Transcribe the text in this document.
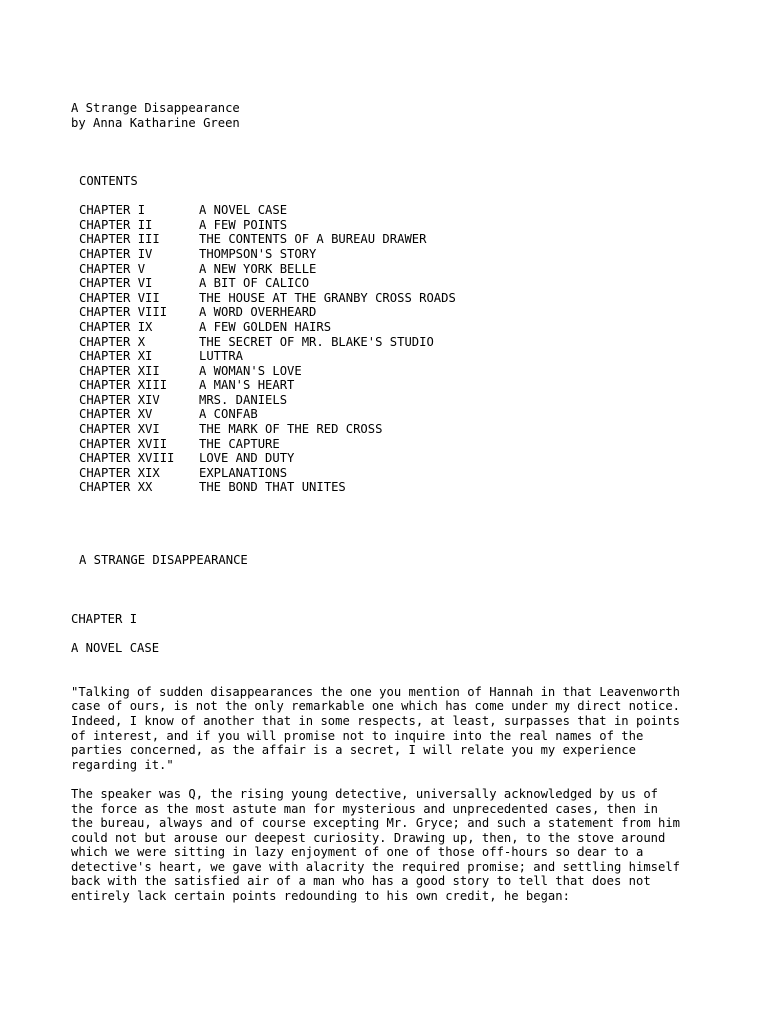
A Strange Disappearance
by Anna Katharine Green
CONTENTS
CHAPTER I	A NOVEL CASE
CHAPTER II	A FEW POINTS
CHAPTER III	THE CONTENTS OF A BUREAU DRAWER
CHAPTER IV	THOMPSON'S STORY
CHAPTER V	A NEW YORK BELLE
CHAPTER VI	A BIT OF CALICO
CHAPTER VII	THE HOUSE AT THE GRANBY CROSS ROADS
CHAPTER VIII	A WORD OVERHEARD
CHAPTER IX	A FEW GOLDEN HAIRS
CHAPTER X	THE SECRET OF MR. BLAKE'S STUDIO
CHAPTER XI	LUTTRA
CHAPTER XII	A WOMAN'S LOVE
CHAPTER XIII	A MAN'S HEART
CHAPTER XIV	MRS. DANIELS
CHAPTER XV	A CONFAB
CHAPTER XVI	THE MARK OF THE RED CROSS
CHAPTER XVII	THE CAPTURE
CHAPTER XVIII	LOVE AND DUTY
CHAPTER XIX	EXPLANATIONS
CHAPTER XX	THE BOND THAT UNITES
A STRANGE DISAPPEARANCE
CHAPTER I
A NOVEL CASE
"Talking of sudden disappearances the one you mention of Hannah in that Leavenworth
case of ours, is not the only remarkable one which has come under my direct notice.
Indeed, I know of another that in some respects, at least, surpasses that in points
of interest, and if you will promise not to inquire into the real names of the
parties concerned, as the affair is a secret, I will relate you my experience
regarding it."
The speaker was Q, the rising young detective, universally acknowledged by us of
the force as the most astute man for mysterious and unprecedented cases, then in
the bureau, always and of course excepting Mr. Gryce; and such a statement from him
could not but arouse our deepest curiosity. Drawing up, then, to the stove around
which we were sitting in lazy enjoyment of one of those off-hours so dear to a
detective's heart, we gave with alacrity the required promise; and settling himself
back with the satisfied air of a man who has a good story to tell that does not
entirely lack certain points redounding to his own credit, he began:
